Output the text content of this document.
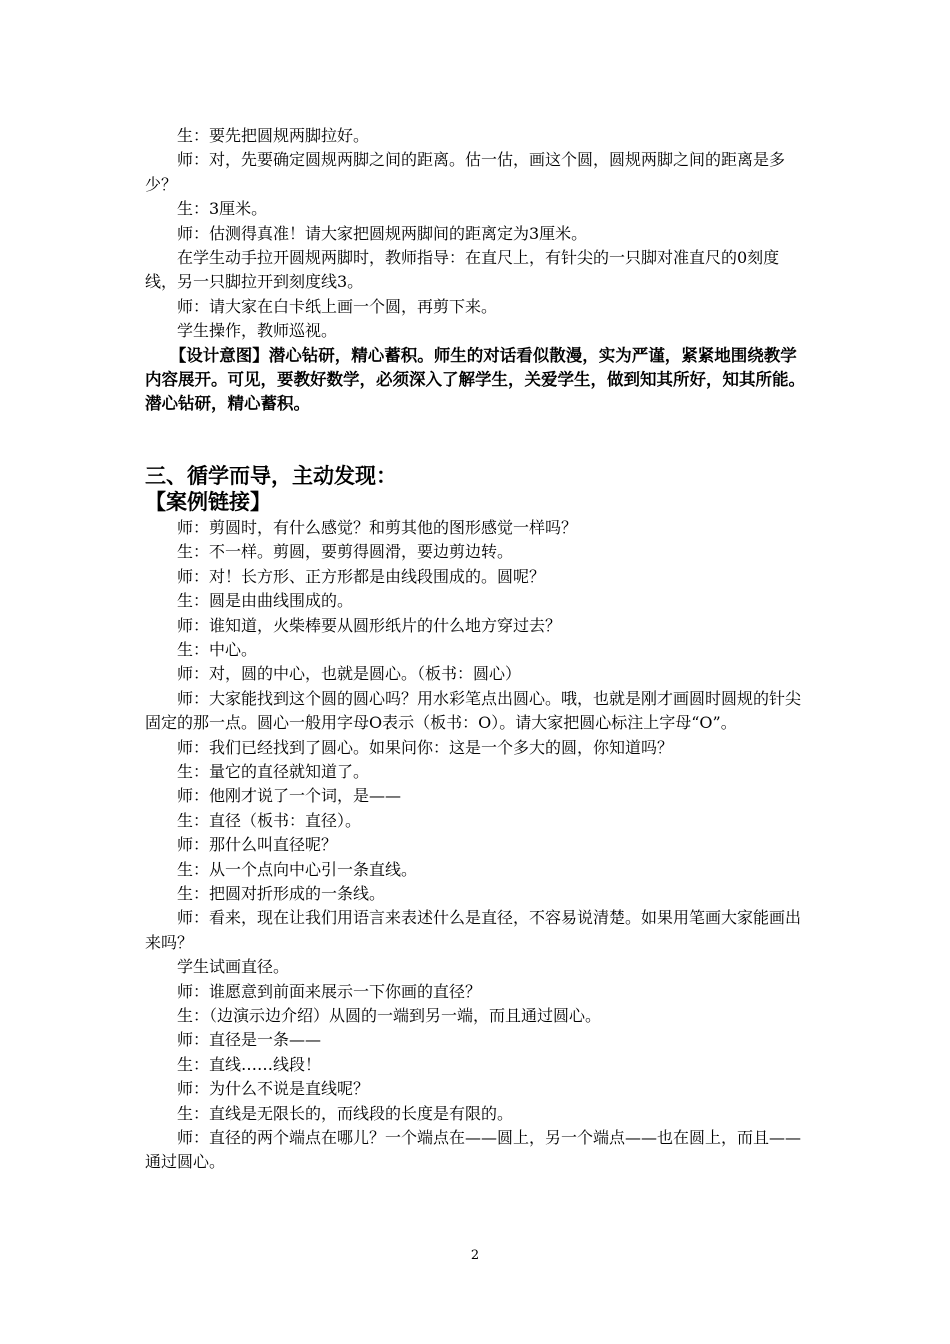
生：要先把圆规两脚拉好。

师：对，先要确定圆规两脚之间的距离。估一估，画这个圆，圆规两脚之间的距离是多少？

生：3厘米。

师：估测得真准！请大家把圆规两脚间的距离定为3厘米。

在学生动手拉开圆规两脚时，教师指导：在直尺上，有针尖的一只脚对准直尺的0刻度线，另一只脚拉开到刻度线3。

师：请大家在白卡纸上画一个圆，再剪下来。

学生操作，教师巡视。

【设计意图】潜心钻研，精心蓄积。师生的对话看似散漫，实为严谨，紧紧地围绕教学内容展开。可见，要教好数学，必须深入了解学生，关爱学生，做到知其所好，知其所能。潜心钻研，精心蓄积。

三、循学而导，主动发现：

【案例链接】

师：剪圆时，有什么感觉？和剪其他的图形感觉一样吗？

生：不一样。剪圆，要剪得圆滑，要边剪边转。

师：对！长方形、正方形都是由线段围成的。圆呢？

生：圆是由曲线围成的。

师：谁知道，火柴棒要从圆形纸片的什么地方穿过去？

生：中心。

师：对，圆的中心，也就是圆心。（板书：圆心）

师：大家能找到这个圆的圆心吗？用水彩笔点出圆心。哦，也就是刚才画圆时圆规的针尖固定的那一点。圆心一般用字母O表示（板书：O）。请大家把圆心标注上字母“O”。

师：我们已经找到了圆心。如果问你：这是一个多大的圆，你知道吗？

生：量它的直径就知道了。

师：他刚才说了一个词，是——

生：直径（板书：直径）。

师：那什么叫直径呢？

生：从一个点向中心引一条直线。

生：把圆对折形成的一条线。

师：看来，现在让我们用语言来表述什么是直径，不容易说清楚。如果用笔画大家能画出来吗？

学生试画直径。

师：谁愿意到前面来展示一下你画的直径？

生：（边演示边介绍）从圆的一端到另一端，而且通过圆心。

师：直径是一条——

生：直线……线段！

师：为什么不说是直线呢？

生：直线是无限长的，而线段的长度是有限的。

师：直径的两个端点在哪儿？一个端点在——圆上，另一个端点——也在圆上，而且——通过圆心。

2
